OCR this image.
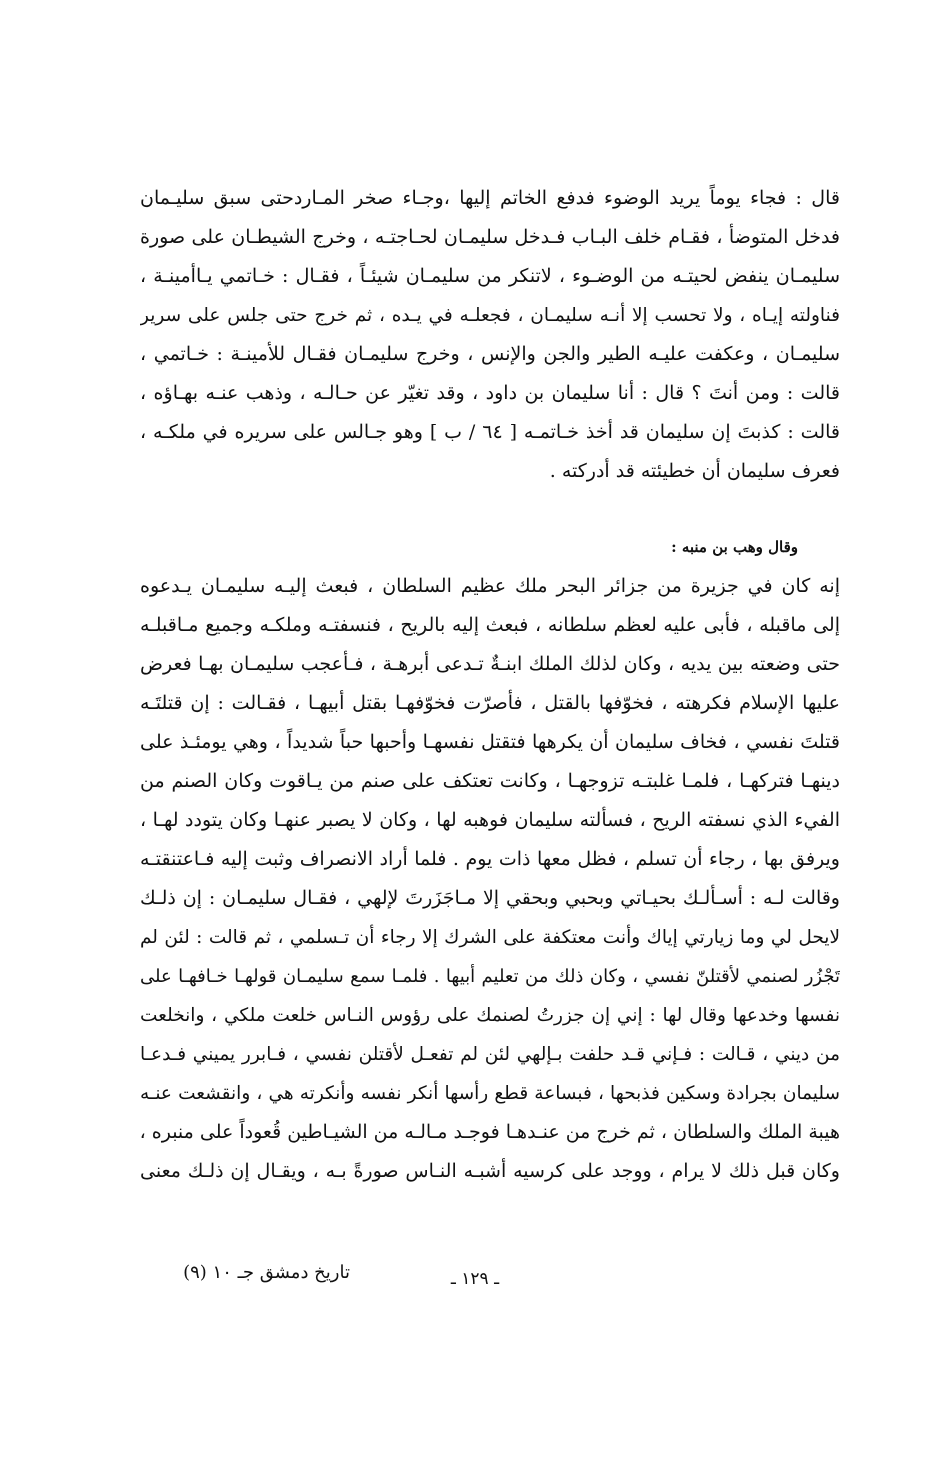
قال : فجاء يوماً يريد الوضوء فدفع الخاتم إليها ،وجـاء صخر المـاردحتى سبق سليـمان
فدخل المتوضأ ، فقـام خلف البـاب فـدخل سليمـان لحـاجتـه ، وخرج الشيطـان على صورة
سليمـان ينفض لحيتـه من الوضـوء ، لاتنكر من سليمـان شيئـاً ، فقـال : خـاتمي يـاأمينـة ،
فناولته إيـاه ، ولا تحسب إلا أنـه سليمـان ، فجعلـه في يـده ، ثم خرج حتى جلس على سرير
سليمـان ، وعكفت عليـه الطير والجن والإنس ، وخرج سليمـان فقـال للأمينـة : خـاتمي ،
قالت : ومن أنتَ ؟ قال : أنا سليمان بن داود ، وقد تغيّر عن حـالـه ، وذهب عنـه بهـاؤه ،
قالت : كذبتَ إن سليمان قد أخذ خـاتمـه [ ٦٤ / ب ] وهو جـالس على سريره في ملكـه ،
فعرف سليمان أن خطيئته قد أدركته .
وقال وهب بن منبه :
إنه كان في جزيرة من جزائر البحر ملك عظيم السلطان ، فبعث إليـه سليمـان يـدعوه
إلى ماقبله ، فأبى عليه لعظم سلطانه ، فبعث إليه بالريح ، فنسفتـه وملكـه وجميع مـاقبلـه
حتى وضعته بين يديه ، وكان لذلك الملك ابنـةٌ تـدعى أبرهـة ، فـأعجب سليمـان بهـا فعرض
عليها الإسلام فكرهته ، فخوّفها بالقتل ، فأصرّت فخوّفهـا بقتل أبيهـا ، فقـالت : إن قتلتَـه
قتلتَ نفسي ، فخاف سليمان أن يكرهها فتقتل نفسهـا وأحبها حباً شديداً ، وهي يومئـذ على
دينهـا فتركهـا ، فلمـا غلبتـه تزوجهـا ، وكانت تعتكف على صنم من يـاقوت وكان الصنم من
الفيء الذي نسفته الريح ، فسألته سليمان فوهبه لها ، وكان لا يصبر عنهـا وكان يتودد لهـا ،
ويرفق بها ، رجاء أن تسلم ، فظل معها ذات يوم . فلما أراد الانصراف وثبت إليه فـاعتنقتـه
وقالت لـه : أسـألـك بحيـاتي وبحبي وبحقي إلا مـاجَزَرتَ لإلهي ، فقـال سليمـان : إن ذلـك
لايحل لي وما زيارتي إياك وأنت معتكفة على الشرك إلا رجاء أن تـسلمي ، ثم قالت : لئن لم
تَجْزُر لصنمي لأقتلنّ نفسي ، وكان ذلك من تعليم أبيها . فلمـا سمع سليمـان قولهـا خـافهـا على
نفسها وخدعها وقال لها : إني إن جزرتُ لصنمك على رؤوس النـاس خلعت ملكي ، وانخلعت
من ديني ، قـالت : فـإني قـد حلفت بـإلهي لئن لم تفعـل لأقتلن نفسي ، فـابرر يميني فـدعـا
سليمان بجرادة وسكين فذبحها ، فبساعة قطع رأسها أنكر نفسه وأنكرته هي ، وانقشعت عنـه
هيبة الملك والسلطان ، ثم خرج من عنـدهـا فوجـد مـالـه من الشيـاطين قُعوداً على منبره ،
وكان قبل ذلك لا يرام ، ووجد على كرسيه أشبـه النـاس صورةً بـه ، ويقـال إن ذلـك معنى
تاريخ دمشق جـ ١٠ (٩)	ـ ١٢٩ ـ
